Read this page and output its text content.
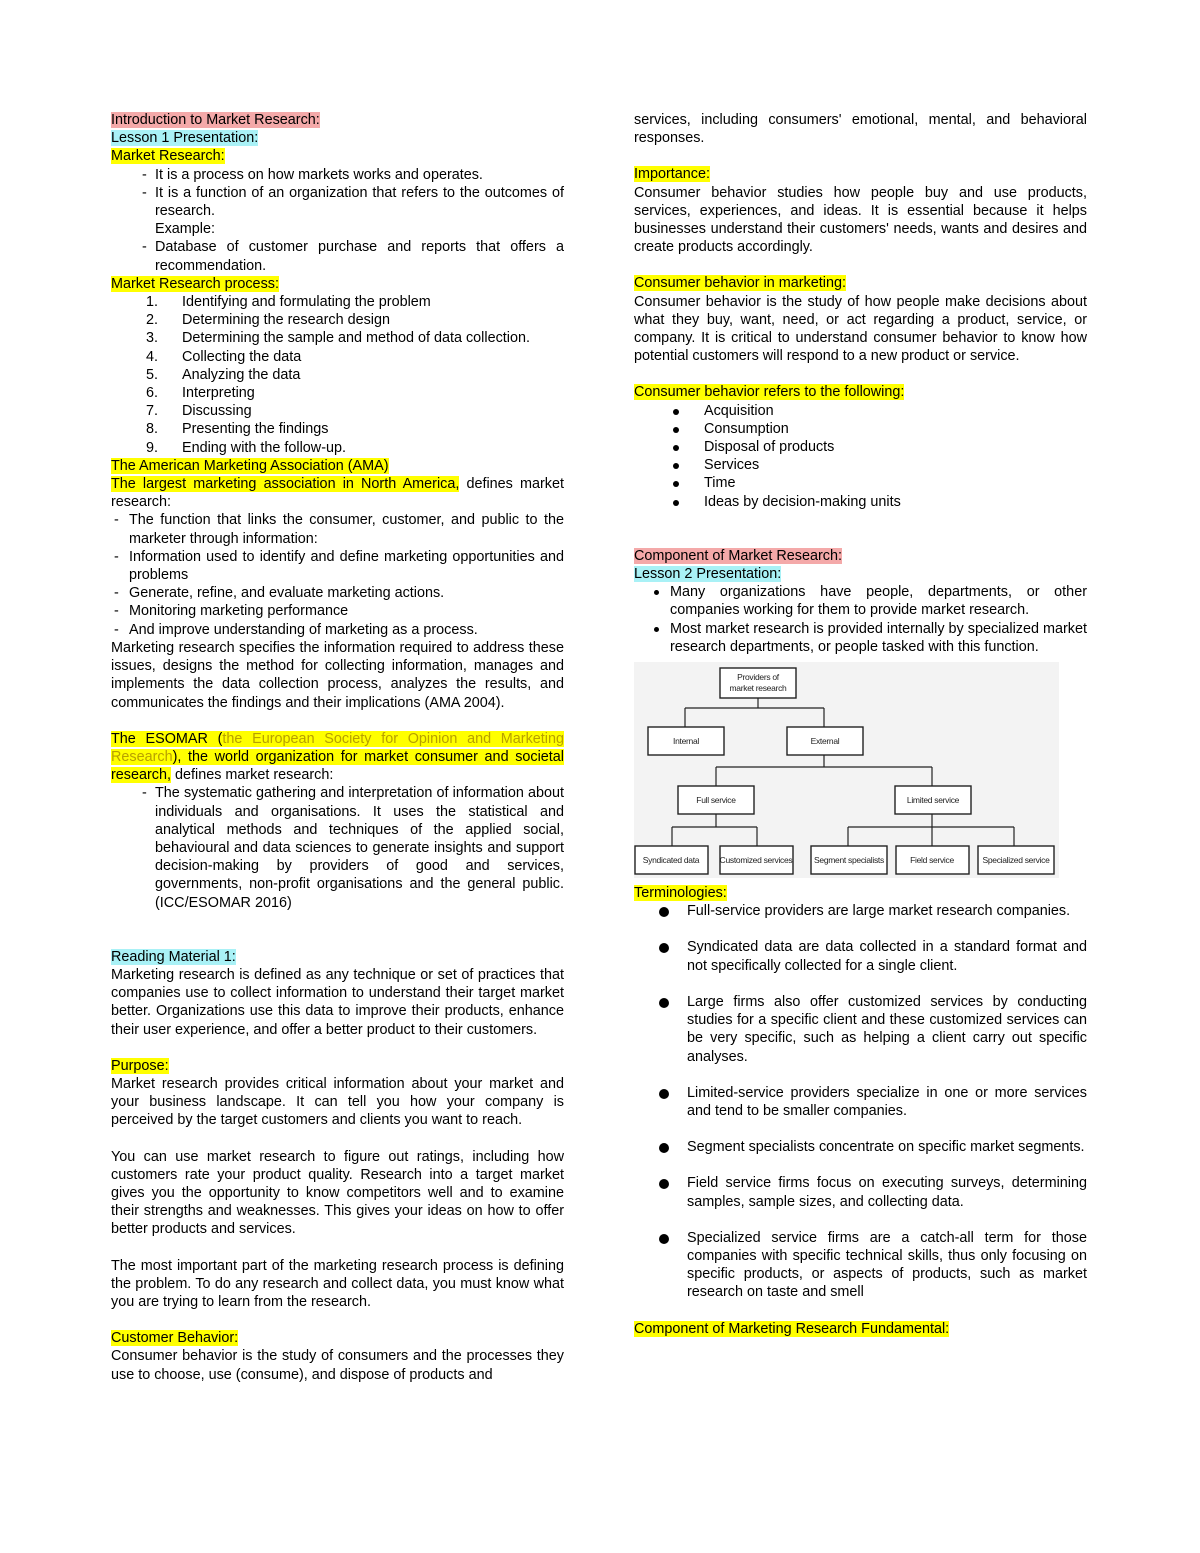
Introduction to Market Research:

Lesson 1 Presentation:

Market Research:

- It is a process on how markets works and operates.

- It is a function of an organization that refers to the outcomes of research.

Example:

- Database of customer purchase and reports that offers a recommendation.

Market Research process:

1. Identifying and formulating the problem

2. Determining the research design

3. Determining the sample and method of data collection.

4. Collecting the data

5. Analyzing the data

6. Interpreting

7. Discussing

8. Presenting the findings

9. Ending with the follow-up.

The American Marketing Association (AMA)

The largest marketing association in North America, defines market research:

- The function that links the consumer, customer, and public to the marketer through information:

- Information used to identify and define marketing opportunities and problems

- Generate, refine, and evaluate marketing actions.

- Monitoring marketing performance

- And improve understanding of marketing as a process.

Marketing research specifies the information required to address these issues, designs the method for collecting information, manages and implements the data collection process, analyzes the results, and communicates the findings and their implications (AMA 2004).

The ESOMAR (the European Society for Opinion and Marketing Research), the world organization for market consumer and societal research, defines market research:

- The systematic gathering and interpretation of information about individuals and organisations. It uses the statistical and analytical methods and techniques of the applied social, behavioural and data sciences to generate insights and support decision-making by providers of good and services, governments, non-profit organisations and the general public. (ICC/ESOMAR 2016)

Reading Material 1:

Marketing research is defined as any technique or set of practices that companies use to collect information to understand their target market better. Organizations use this data to improve their products, enhance their user experience, and offer a better product to their customers.

Purpose:

Market research provides critical information about your market and your business landscape. It can tell you how your company is perceived by the target customers and clients you want to reach.

You can use market research to figure out ratings, including how customers rate your product quality. Research into a target market gives you the opportunity to know competitors well and to examine their strengths and weaknesses. This gives your ideas on how to offer better products and services.

The most important part of the marketing research process is defining the problem. To do any research and collect data, you must know what you are trying to learn from the research.

Customer Behavior:

Consumer behavior is the study of consumers and the processes they use to choose, use (consume), and dispose of products and

services, including consumers' emotional, mental, and behavioral responses.

Importance:

Consumer behavior studies how people buy and use products, services, experiences, and ideas. It is essential because it helps businesses understand their customers' needs, wants and desires and create products accordingly.

Consumer behavior in marketing:

Consumer behavior is the study of how people make decisions about what they buy, want, need, or act regarding a product, service, or company. It is critical to understand consumer behavior to know how potential customers will respond to a new product or service.

Consumer behavior refers to the following:

Acquisition

Consumption

Disposal of products

Services

Time

Ideas by decision-making units

Component of Market Research:

Lesson 2 Presentation:

Many organizations have people, departments, or other companies working for them to provide market research.

Most market research is provided internally by specialized market research departments, or people tasked with this function.

Providers of
market research
Internal	External
Full service	Limited service
Syndicated data Customized services	Segment specialists	Field service	Specialized service

Terminologies:

Full-service providers are large market research companies.

Syndicated data are data collected in a standard format and not specifically collected for a single client.

Large firms also offer customized services by conducting studies for a specific client and these customized services can be very specific, such as helping a client carry out specific analyses.

Limited-service providers specialize in one or more services and tend to be smaller companies.

Segment specialists concentrate on specific market segments.

Field service firms focus on executing surveys, determining samples, sample sizes, and collecting data.

Specialized service firms are a catch-all term for those companies with specific technical skills, thus only focusing on specific products, or aspects of products, such as market research on taste and smell

Component of Marketing Research Fundamental:
